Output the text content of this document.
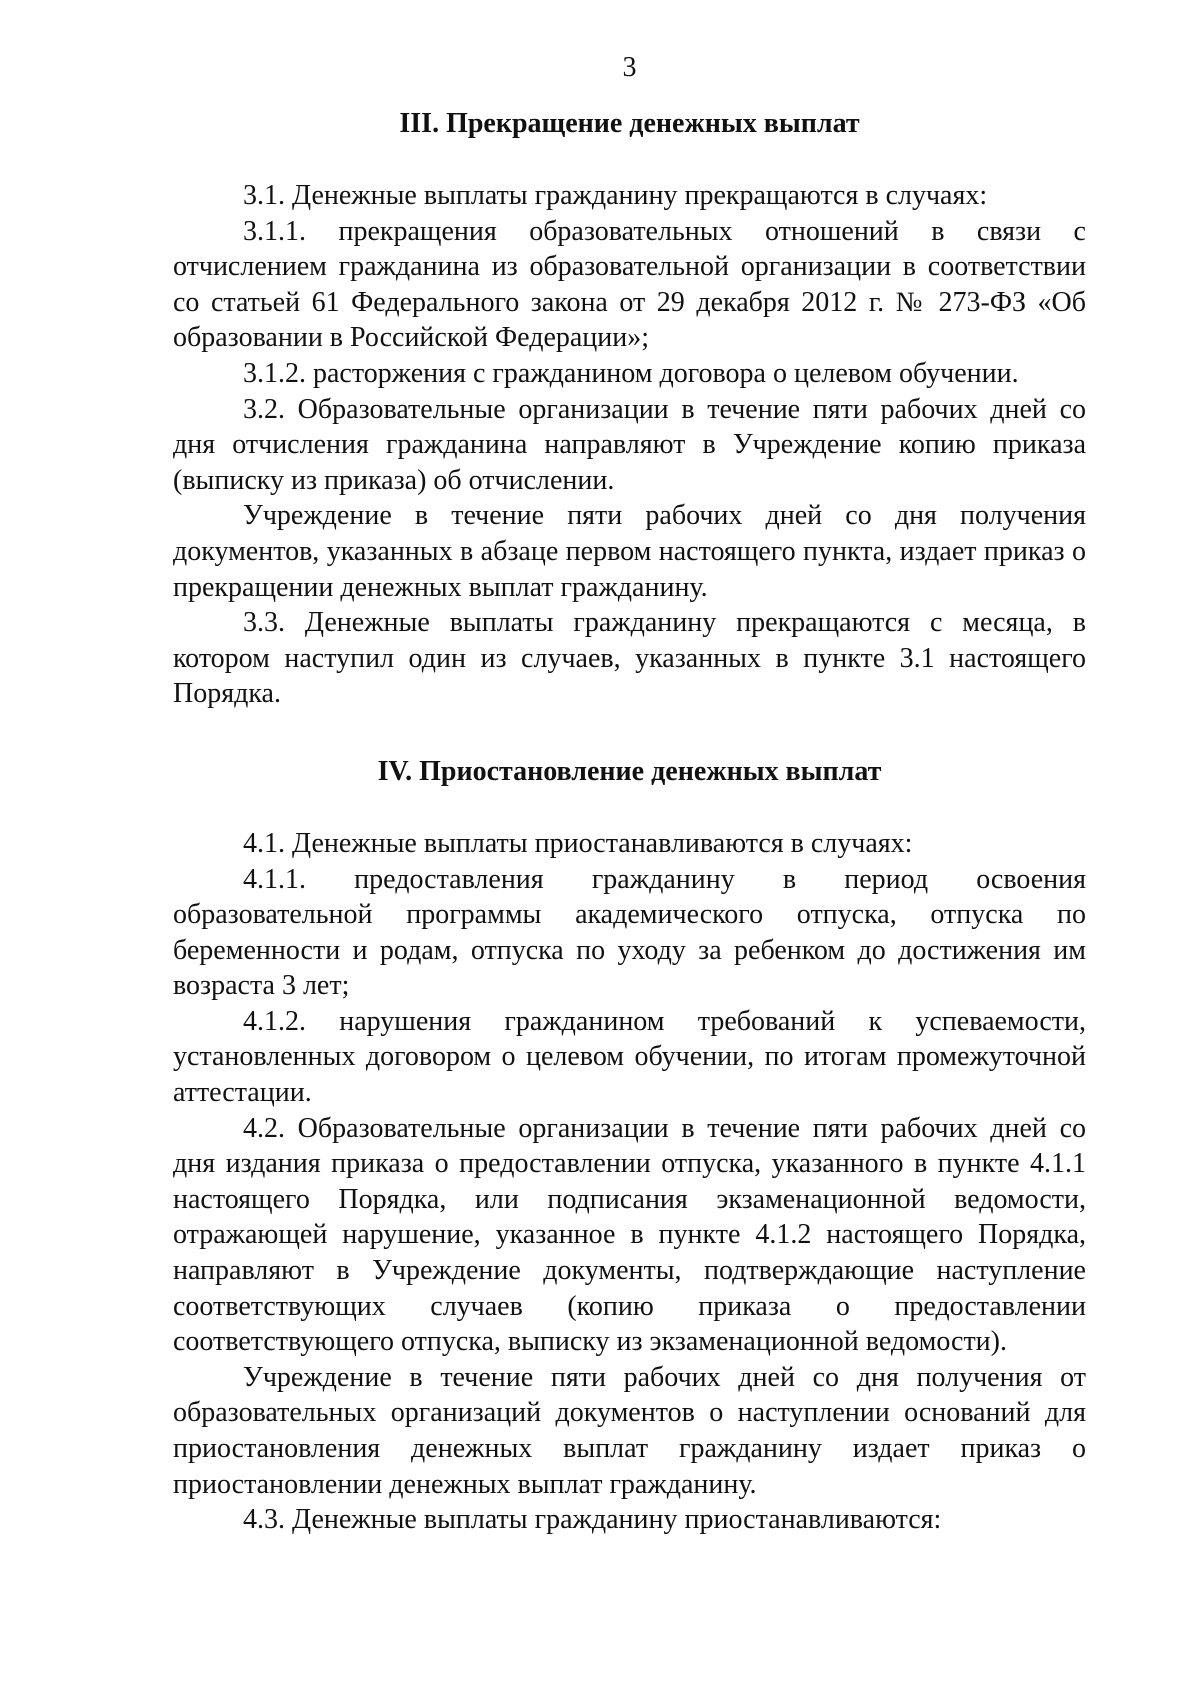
3
III. Прекращение денежных выплат

3.1. Денежные выплаты гражданину прекращаются в случаях:

3.1.1. прекращения образовательных отношений в связи с отчислением гражданина из образовательной организации в соответствии со статьей 61 Федерального закона от 29 декабря 2012 г. № 273-ФЗ «Об образовании в Российской Федерации»;

3.1.2. расторжения с гражданином договора о целевом обучении.

3.2. Образовательные организации в течение пяти рабочих дней со дня отчисления гражданина направляют в Учреждение копию приказа (выписку из приказа) об отчислении.

Учреждение в течение пяти рабочих дней со дня получения документов, указанных в абзаце первом настоящего пункта, издает приказ о прекращении денежных выплат гражданину.

3.3. Денежные выплаты гражданину прекращаются с месяца, в котором наступил один из случаев, указанных в пункте 3.1 настоящего Порядка.

IV. Приостановление денежных выплат

4.1. Денежные выплаты приостанавливаются в случаях:

4.1.1. предоставления гражданину в период освоения образовательной программы академического отпуска, отпуска по беременности и родам, отпуска по уходу за ребенком до достижения им возраста 3 лет;

4.1.2. нарушения гражданином требований к успеваемости, установленных договором о целевом обучении, по итогам промежуточной аттестации.

4.2. Образовательные организации в течение пяти рабочих дней со дня издания приказа о предоставлении отпуска, указанного в пункте 4.1.1 настоящего Порядка, или подписания экзаменационной ведомости, отражающей нарушение, указанное в пункте 4.1.2 настоящего Порядка, направляют в Учреждение документы, подтверждающие наступление соответствующих случаев (копию приказа о предоставлении соответствующего отпуска, выписку из экзаменационной ведомости).

Учреждение в течение пяти рабочих дней со дня получения от образовательных организаций документов о наступлении оснований для приостановления денежных выплат гражданину издает приказ о приостановлении денежных выплат гражданину.

4.3. Денежные выплаты гражданину приостанавливаются:
